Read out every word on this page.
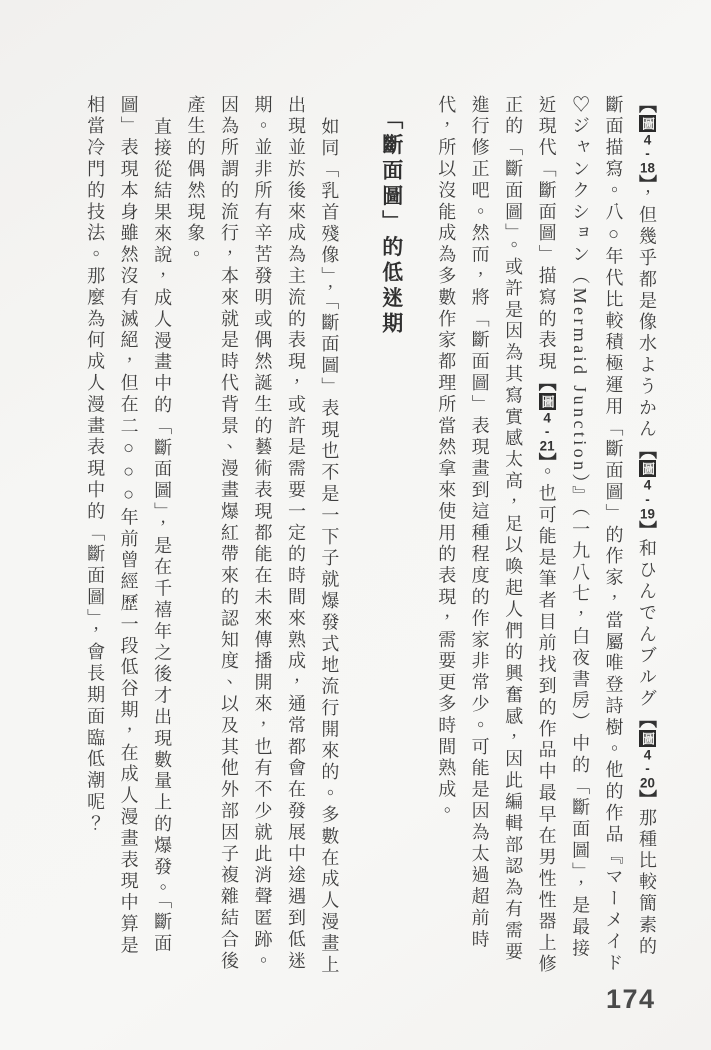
【圖4-18】，但幾乎都是像水ようかん【圖4-19】和ひんでんブルグ【圖4-20】那種比較簡素的斷面描寫。八○年代比較積極運用「斷面圖」的作家，當屬唯登詩樹。他的作品『マーメイド♡ジャンクション（Mermaid Junction）』（一九八七，白夜書房）中的「斷面圖」，是最接近現代「斷面圖」描寫的表現【圖4-21】。也可能是筆者目前找到的作品中最早在男性性器上修正的「斷面圖」。或許是因為其寫實感太高，足以喚起人們的興奮感，因此編輯部認為有需要進行修正吧。然而，將「斷面圖」表現畫到這種程度的作家非常少。可能是因為太過超前時代，所以沒能成為多數作家都理所當然拿來使用的表現，需要更多時間熟成。

「斷面圖」的低迷期

如同「乳首殘像」，「斷面圖」表現也不是一下子就爆發式地流行開來的。多數在成人漫畫上出現並於後來成為主流的表現，或許是需要一定的時間來熟成，通常都會在發展中途遇到低迷期。並非所有辛苦發明或偶然誕生的藝術表現都能在未來傳播開來，也有不少就此消聲匿跡。因為所謂的流行，本來就是時代背景、漫畫爆紅帶來的認知度、以及其他外部因子複雜結合後產生的偶然現象。

直接從結果來說，成人漫畫中的「斷面圖」，是在千禧年之後才出現數量上的爆發。「斷面圖」表現本身雖然沒有滅絕，但在二○○○年前曾經歷一段低谷期，在成人漫畫表現中算是相當冷門的技法。那麼為何成人漫畫表現中的「斷面圖」，會長期面臨低潮呢？

174
